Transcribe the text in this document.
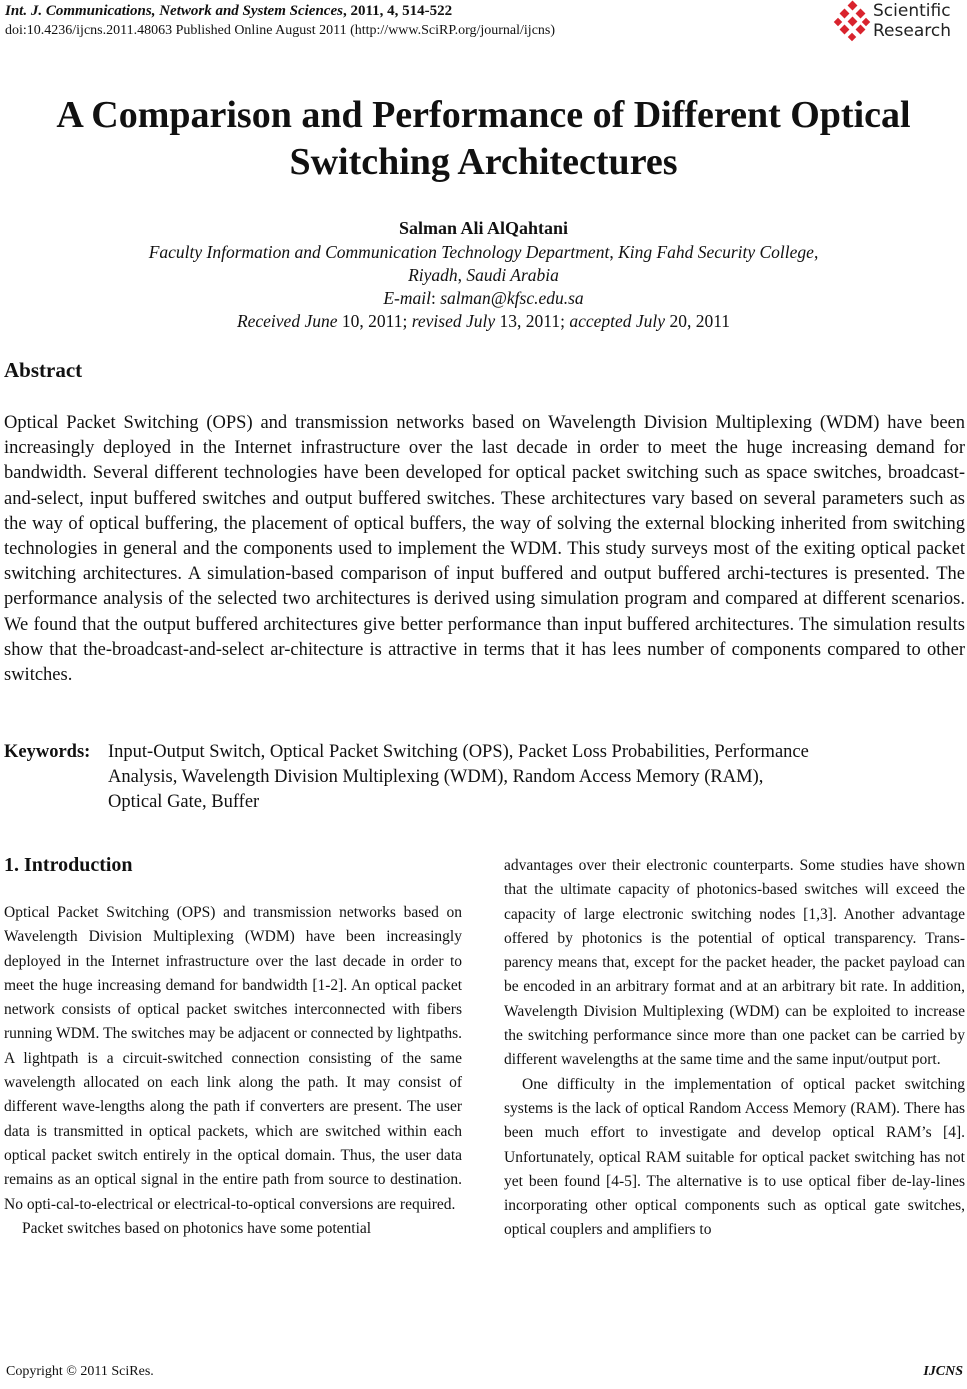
Int. J. Communications, Network and System Sciences, 2011, 4, 514-522
doi:10.4236/ijcns.2011.48063 Published Online August 2011 (http://www.SciRP.org/journal/ijcns)
Scientific
Research
A Comparison and Performance of Different Optical
Switching Architectures
Salman Ali AlQahtani
Faculty Information and Communication Technology Department, King Fahd Security College,
Riyadh, Saudi Arabia
E-mail: salman@kfsc.edu.sa
Received June 10, 2011; revised July 13, 2011; accepted July 20, 2011
Abstract

Optical Packet Switching (OPS) and transmission networks based on Wavelength Division Multiplexing (WDM) have been increasingly deployed in the Internet infrastructure over the last decade in order to meet the huge increasing demand for bandwidth. Several different technologies have been developed for optical packet switching such as space switches, broadcast-and-select, input buffered switches and output buffered switches. These architectures vary based on several parameters such as the way of optical buffering, the placement of optical buffers, the way of solving the external blocking inherited from switching technologies in general and the components used to implement the WDM. This study surveys most of the exiting optical packet switching architectures. A simulation-based comparison of input buffered and output buffered archi-tectures is presented. The performance analysis of the selected two architectures is derived using simulation program and compared at different scenarios. We found that the output buffered architectures give better performance than input buffered architectures. The simulation results show that the-broadcast-and-select ar-chitecture is attractive in terms that it has lees number of components compared to other switches.

Keywords: Input-Output Switch, Optical Packet Switching (OPS), Packet Loss Probabilities, Performance
Analysis, Wavelength Division Multiplexing (WDM), Random Access Memory (RAM),
Optical Gate, Buffer
1. Introduction

Optical Packet Switching (OPS) and transmission networks based on Wavelength Division Multiplexing (WDM) have been increasingly deployed in the Internet infrastructure over the last decade in order to meet the huge increasing demand for bandwidth [1-2]. An optical packet network consists of optical packet switches interconnected with fibers running WDM. The switches may be adjacent or connected by lightpaths. A lightpath is a circuit-switched connection consisting of the same wavelength allocated on each link along the path. It may consist of different wave-lengths along the path if converters are present. The user data is transmitted in optical packets, which are switched within each optical packet switch entirely in the optical domain. Thus, the user data remains as an optical signal in the entire path from source to destination. No opti-cal-to-electrical or electrical-to-optical conversions are required.

Packet switches based on photonics have some potential

advantages over their electronic counterparts. Some studies have shown that the ultimate capacity of photonics-based switches will exceed the capacity of large electronic switching nodes [1,3]. Another advantage offered by photonics is the potential of optical transparency. Trans-parency means that, except for the packet header, the packet payload can be encoded in an arbitrary format and at an arbitrary bit rate. In addition, Wavelength Division Multiplexing (WDM) can be exploited to increase the switching performance since more than one packet can be carried by different wavelengths at the same time and the same input/output port.

One difficulty in the implementation of optical packet switching systems is the lack of optical Random Access Memory (RAM). There has been much effort to investigate and develop optical RAM’s [4]. Unfortunately, optical RAM suitable for optical packet switching has not yet been found [4-5]. The alternative is to use optical fiber de-lay-lines incorporating other optical components such as optical gate switches, optical couplers and amplifiers to

Copyright © 2011 SciRes.	IJCNS
